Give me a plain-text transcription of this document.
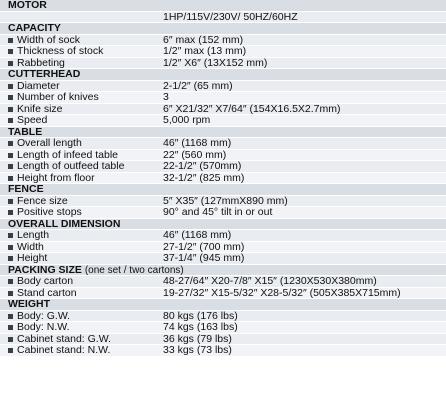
MOTOR
1HP/115V/230V/ 50HZ/60HZ
CAPACITY
Width of sock	6″ max (152 mm)
Thickness of stock	1/2″ max (13 mm)
Rabbeting	1/2″ X6″ (13X152 mm)
CUTTERHEAD
Diameter	2-1/2″ (65 mm)
Number of knives	3
Knife size	6″ X21/32″ X7/64″ (154X16.5X2.7mm)
Speed	5,000 rpm
TABLE
Overall length	46″ (1168 mm)
Length of infeed table	22″ (560 mm)
Length of outfeed table	22-1/2″ (570mm)
Height from floor	32-1/2″ (825 mm)
FENCE
Fence size	5″ X35″ (127mmX890 mm)
Positive stops	90° and 45° tilt in or out
OVERALL DIMENSION
Length	46″ (1168 mm)
Width	27-1/2″ (700 mm)
Height	37-1/4″ (945 mm)
PACKING SIZE (one set / two cartons)
Body carton	48-27/64″ X20-7/8″ X15″ (1230X530X380mm)
Stand carton	19-27/32″ X15-5/32″ X28-5/32″ (505X385X715mm)
WEIGHT
Body: G.W.	80 kgs (176 lbs)
Body: N.W.	74 kgs (163 lbs)
Cabinet stand: G.W.	36 kgs (79 lbs)
Cabinet stand: N.W.	33 kgs (73 lbs)
